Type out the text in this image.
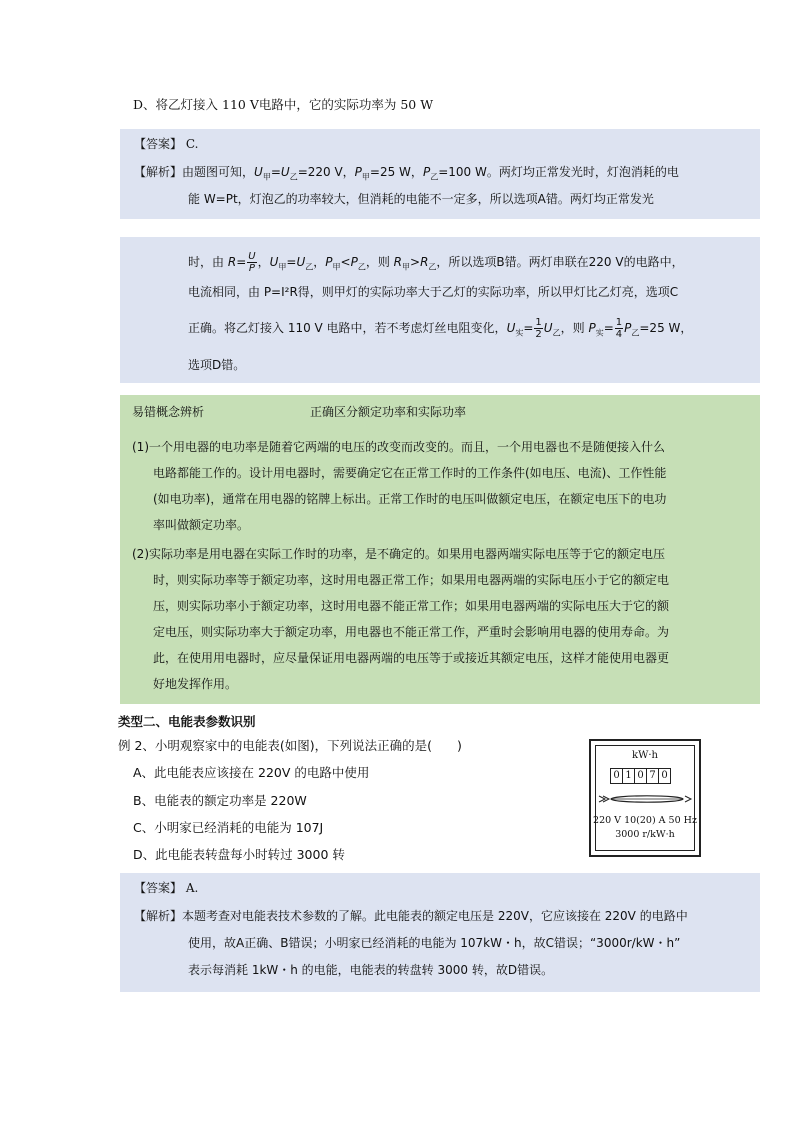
D、将乙灯接入 110 V电路中，它的实际功率为 50 W
【答案】 C.
【解析】由题图可知，$U_甲=U_乙=220$ V，$P_甲=25$ W，$P_乙=100$ W。两灯均正常发光时，灯泡消耗的电
能 W=Pt，灯泡乙的功率较大，但消耗的电能不一定多，所以选项A错。两灯均正常发光
时，由 $R= \frac{U}{P}$ ，$U_甲=U_乙$，$P_甲<P_乙$，则 $R_甲>R_乙$，所以选项B错。两灯串联在220 V的电路中，
电流相同，由 P=I²R得，则甲灯的实际功率大于乙灯的实际功率，所以甲灯比乙灯亮，选项C
正确。将乙灯接入 110 V 电路中，若不考虑灯丝电阻变化，$U_实= \frac{1}{2} U_乙$，则 $P_实= \frac{1}{4} P_乙=25$ W，
选项D错。
易错概念辨析	正确区分额定功率和实际功率
(1)一个用电器的电功率是随着它两端的电压的改变而改变的。而且，一个用电器也不是随便接入什么
电路都能工作的。设计用电器时，需要确定它在正常工作时的工作条件(如电压、电流)、工作性能
(如电功率)，通常在用电器的铭牌上标出。正常工作时的电压叫做额定电压，在额定电压下的电功
率叫做额定功率。
(2)实际功率是用电器在实际工作时的功率，是不确定的。如果用电器两端实际电压等于它的额定电压
时，则实际功率等于额定功率，这时用电器正常工作；如果用电器两端的实际电压小于它的额定电
压，则实际功率小于额定功率，这时用电器不能正常工作；如果用电器两端的实际电压大于它的额
定电压，则实际功率大于额定功率，用电器也不能正常工作，严重时会影响用电器的使用寿命。为
此，在使用用电器时，应尽量保证用电器两端的电压等于或接近其额定电压，这样才能使用电器更
好地发挥作用。
类型二、电能表参数识别
例 2、小明观察家中的电能表(如图)，下列说法正确的是(　　)
A、此电能表应该接在 220V 的电路中使用
B、电能表的额定功率是 220W
C、小明家已经消耗的电能为 107J
D、此电能表转盘每小时转过 3000 转
kW·h
0 1 0 7 0
220 V 10(20) A 50 Hz
3000 r/kW·h
【答案】 A.
【解析】本题考查对电能表技术参数的了解。此电能表的额定电压是 220V，它应该接在 220V 的电路中
使用，故A正确、B错误；小明家已经消耗的电能为 107kW・h，故C错误；“3000r/kW・h”
表示每消耗 1kW・h 的电能，电能表的转盘转 3000 转，故D错误。
